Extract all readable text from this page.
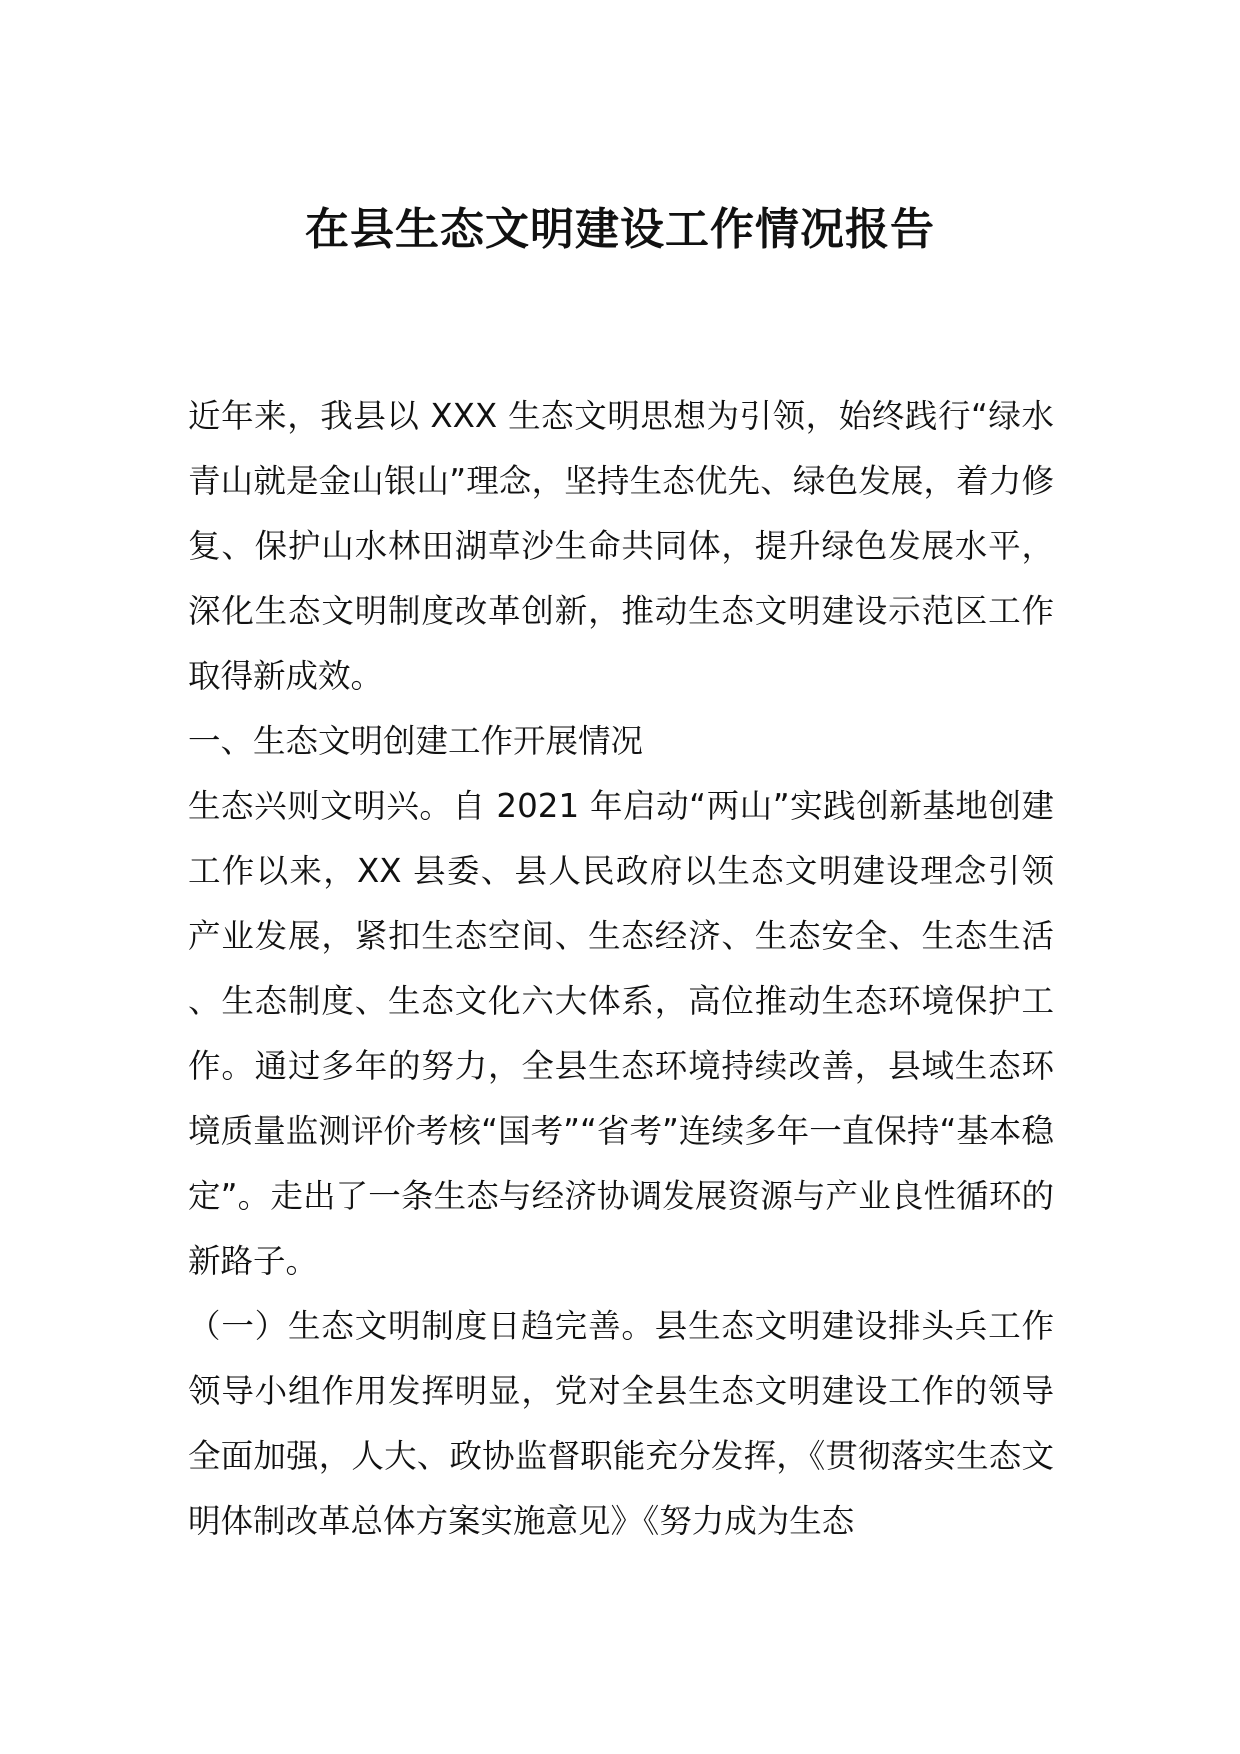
在县生态文明建设工作情况报告

近年来，我县以 XXX 生态文明思想为引领，始终践行“绿水青山就是金山银山”理念，坚持生态优先、绿色发展，着力修复、保护山水林田湖草沙生命共同体，提升绿色发展水平，深化生态文明制度改革创新，推动生态文明建设示范区工作取得新成效。

一、生态文明创建工作开展情况

生态兴则文明兴。自 2021 年启动“两山”实践创新基地创建工作以来，XX 县委、县人民政府以生态文明建设理念引领产业发展，紧扣生态空间、生态经济、生态安全、生态生活、生态制度、生态文化六大体系，高位推动生态环境保护工作。通过多年的努力，全县生态环境持续改善，县域生态环境质量监测评价考核“国考”“省考”连续多年一直保持“基本稳定”。走出了一条生态与经济协调发展资源与产业良性循环的新路子。

（一）生态文明制度日趋完善。县生态文明建设排头兵工作领导小组作用发挥明显，党对全县生态文明建设工作的领导全面加强，人大、政协监督职能充分发挥，《贯彻落实生态文明体制改革总体方案实施意见》《努力成为生态
